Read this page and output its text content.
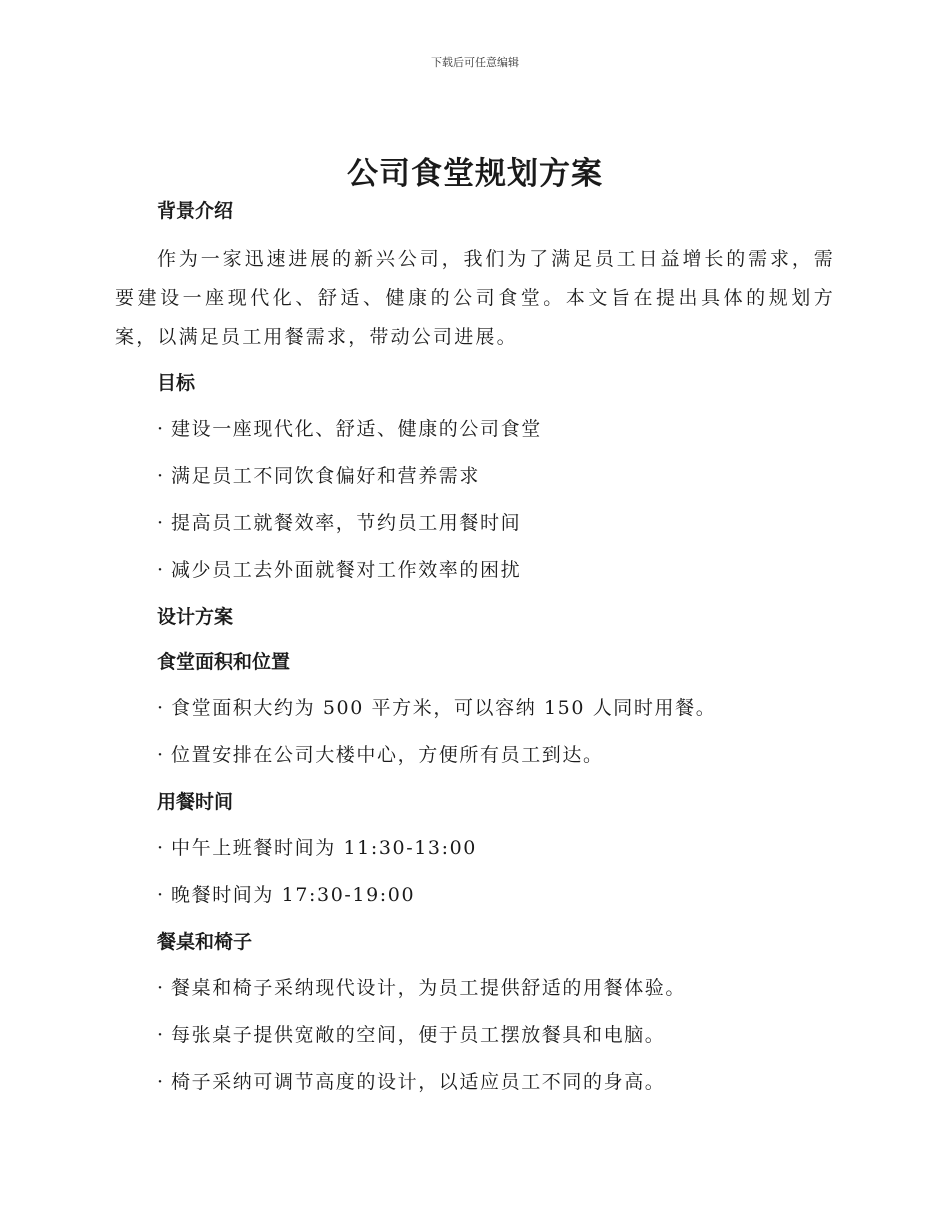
下载后可任意编辑
公司食堂规划方案
背景介绍

作为一家迅速进展的新兴公司，我们为了满足员工日益增长的需求，需要建设一座现代化、舒适、健康的公司食堂。本文旨在提出具体的规划方案，以满足员工用餐需求，带动公司进展。

目标
· 建设一座现代化、舒适、健康的公司食堂
· 满足员工不同饮食偏好和营养需求
· 提高员工就餐效率，节约员工用餐时间
· 减少员工去外面就餐对工作效率的困扰
设计方案
食堂面积和位置
· 食堂面积大约为 500 平方米，可以容纳 150 人同时用餐。
· 位置安排在公司大楼中心，方便所有员工到达。
用餐时间
· 中午上班餐时间为 11:30-13:00
· 晚餐时间为 17:30-19:00
餐桌和椅子
· 餐桌和椅子采纳现代设计，为员工提供舒适的用餐体验。
· 每张桌子提供宽敞的空间，便于员工摆放餐具和电脑。
· 椅子采纳可调节高度的设计，以适应员工不同的身高。
